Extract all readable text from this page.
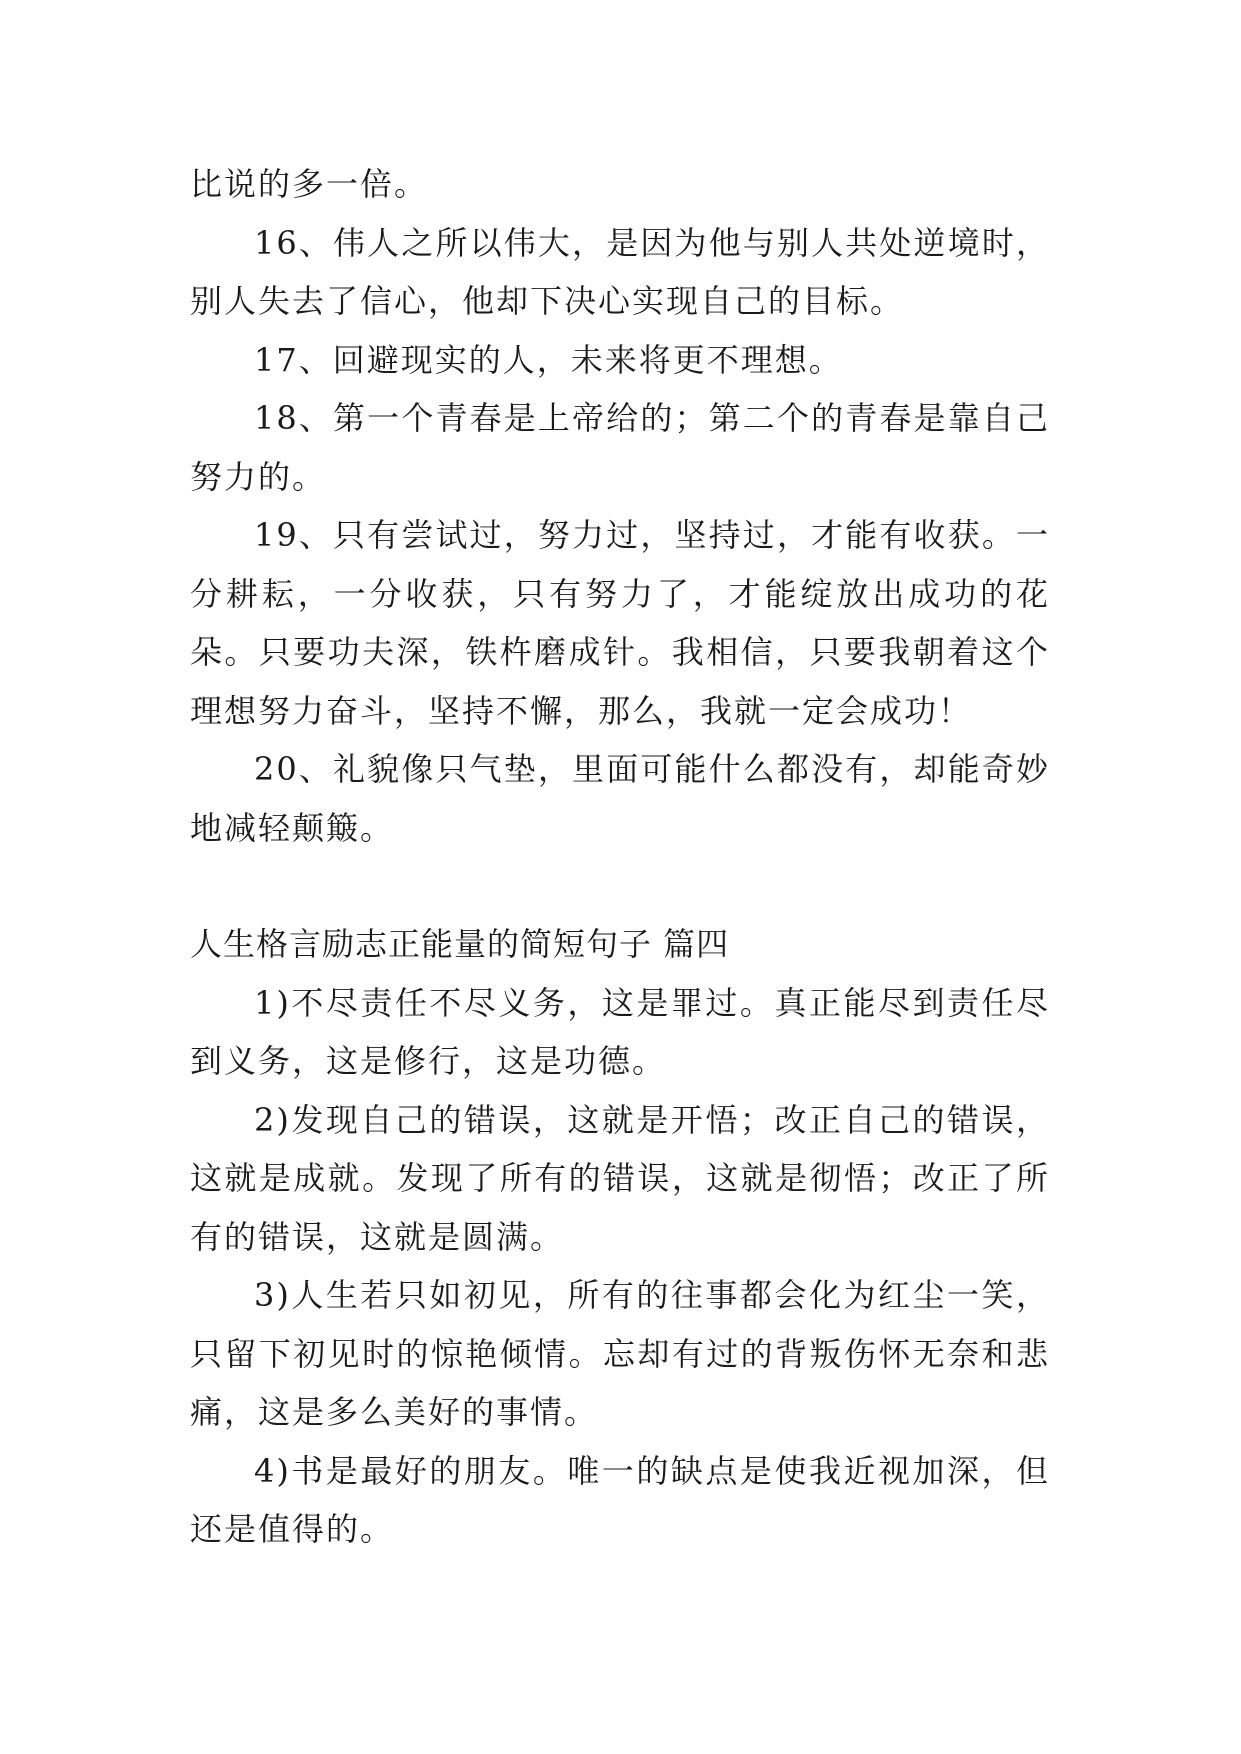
比说的多一倍。

16、伟人之所以伟大，是因为他与别人共处逆境时，别人失去了信心，他却下决心实现自己的目标。

17、回避现实的人，未来将更不理想。

18、第一个青春是上帝给的；第二个的青春是靠自己努力的。

19、只有尝试过，努力过，坚持过，才能有收获。一分耕耘，一分收获，只有努力了，才能绽放出成功的花朵。只要功夫深，铁杵磨成针。我相信，只要我朝着这个理想努力奋斗，坚持不懈，那么，我就一定会成功！

20、礼貌像只气垫，里面可能什么都没有，却能奇妙地减轻颠簸。

人生格言励志正能量的简短句子 篇四

1)不尽责任不尽义务，这是罪过。真正能尽到责任尽到义务，这是修行，这是功德。

2)发现自己的错误，这就是开悟；改正自己的错误，这就是成就。发现了所有的错误，这就是彻悟；改正了所有的错误，这就是圆满。

3)人生若只如初见，所有的往事都会化为红尘一笑，只留下初见时的惊艳倾情。忘却有过的背叛伤怀无奈和悲痛，这是多么美好的事情。

4)书是最好的朋友。唯一的缺点是使我近视加深，但还是值得的。
